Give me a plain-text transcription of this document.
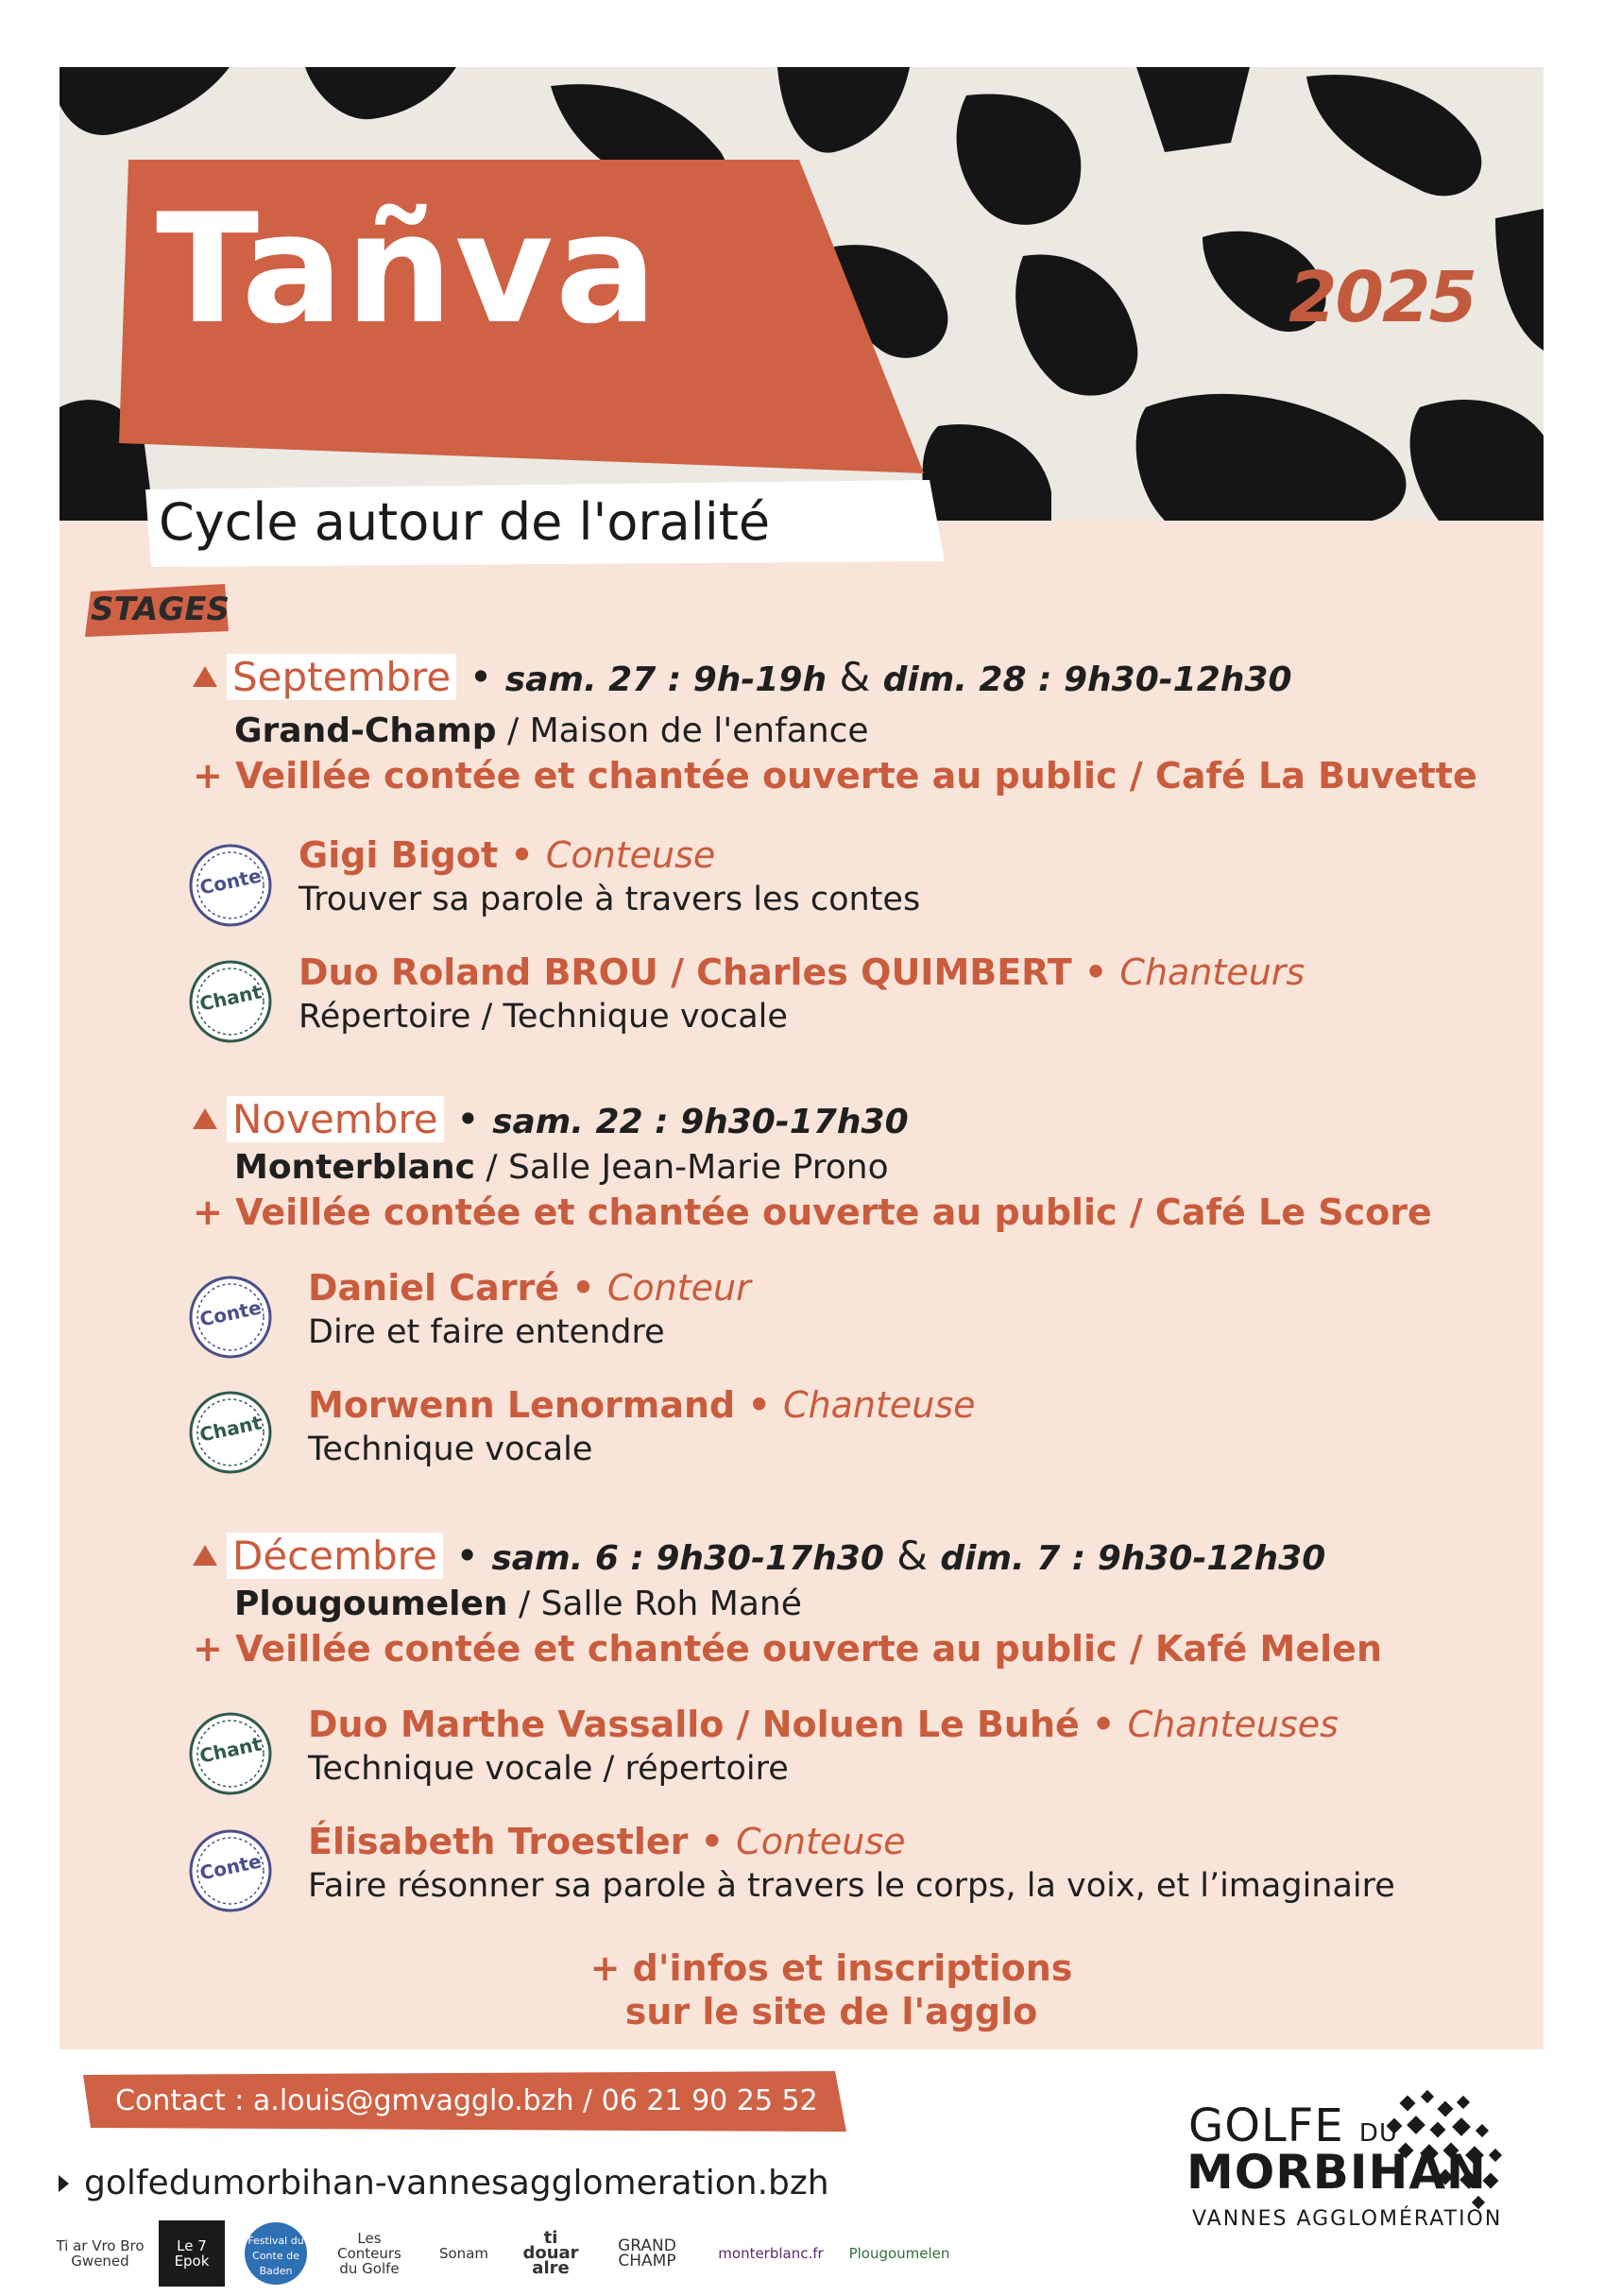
Tañva
Cycle autour de l'oralité
2025
STAGES
Septembre • sam. 27 : 9h-19h & dim. 28 : 9h30-12h30
Grand-Champ / Maison de l'enfance
+ Veillée contée et chantée ouverte au public / Café La Buvette
Conte
Gigi Bigot • Conteuse
Trouver sa parole à travers les contes
Chant
Duo Roland BROU / Charles QUIMBERT • Chanteurs
Répertoire / Technique vocale
Novembre • sam. 22 : 9h30-17h30
Monterblanc / Salle Jean-Marie Prono
+ Veillée contée et chantée ouverte au public / Café Le Score
Conte
Daniel Carré • Conteur
Dire et faire entendre
Chant
Morwenn Lenormand • Chanteuse
Technique vocale
Décembre • sam. 6 : 9h30-17h30 & dim. 7 : 9h30-12h30
Plougoumelen / Salle Roh Mané
+ Veillée contée et chantée ouverte au public / Kafé Melen
Chant
Duo Marthe Vassallo / Noluen Le Buhé • Chanteuses
Technique vocale / répertoire
Conte
Élisabeth Troestler • Conteuse
Faire résonner sa parole à travers le corps, la voix, et l’imaginaire
+ d'infos et inscriptions
sur le site de l'agglo
Contact : a.louis@gmvagglo.bzh / 06 21 90 25 52
golfedumorbihan-vannesagglomeration.bzh
GOLFE DU
MORBIHAN
VANNES AGGLOMÉRATION
Ti ar Vro Bro Gwened
Le 7 Epok
Festival du Conte de Baden
Les Conteurs du Golfe
Sonam
ti douar alre
GRAND CHAMP	monterblanc.fr	Plougoumelen
